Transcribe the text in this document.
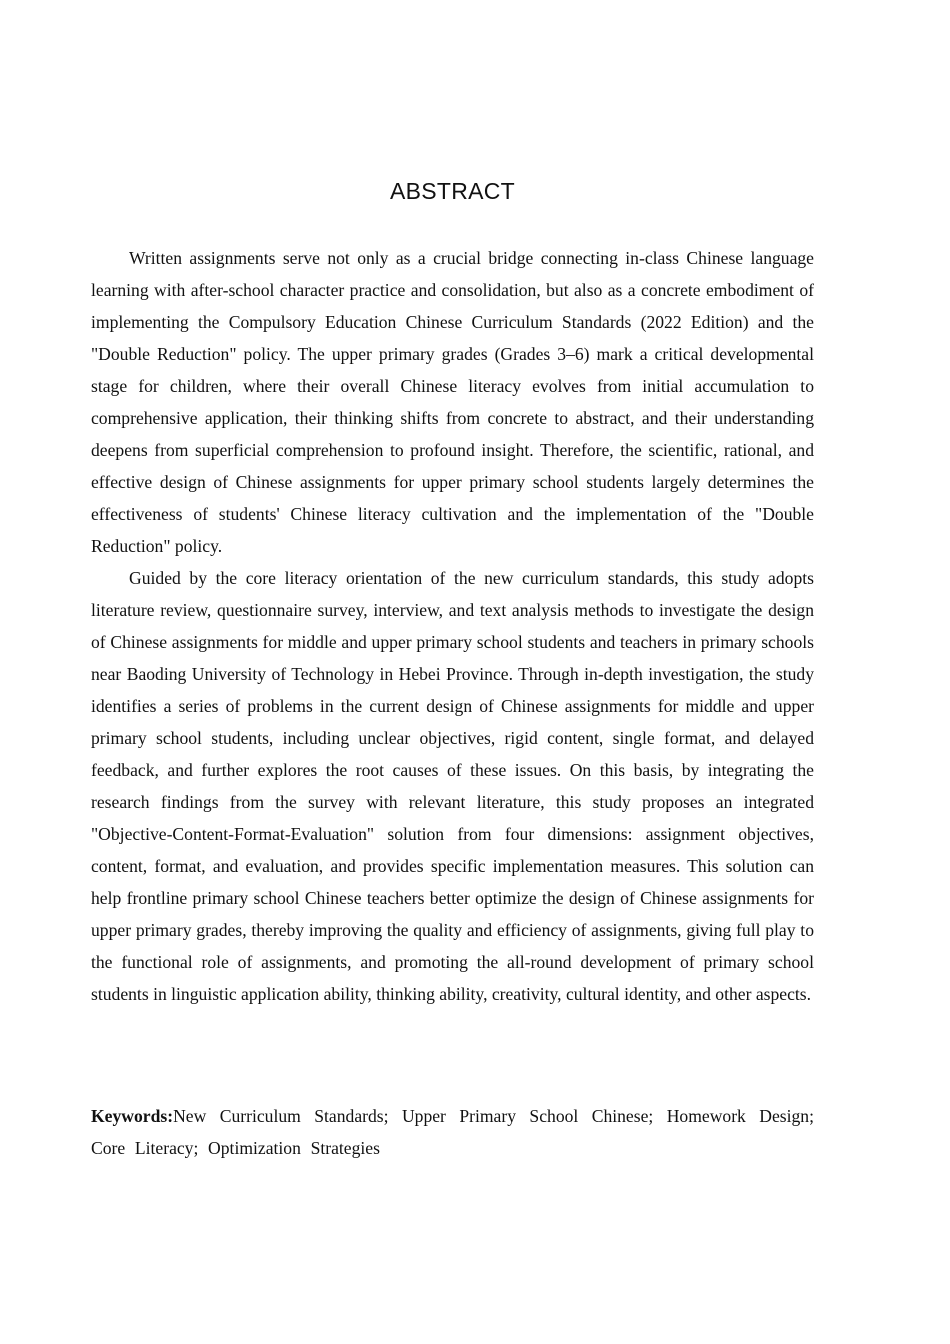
ABSTRACT

Written assignments serve not only as a crucial bridge connecting in-class Chinese language learning with after-school character practice and consolidation, but also as a concrete embodiment of implementing the Compulsory Education Chinese Curriculum Standards (2022 Edition) and the "Double Reduction" policy. The upper primary grades (Grades 3–6) mark a critical developmental stage for children, where their overall Chinese literacy evolves from initial accumulation to comprehensive application, their thinking shifts from concrete to abstract, and their understanding deepens from superficial comprehension to profound insight. Therefore, the scientific, rational, and effective design of Chinese assignments for upper primary school students largely determines the effectiveness of students' Chinese literacy cultivation and the implementation of the "Double Reduction" policy.

Guided by the core literacy orientation of the new curriculum standards, this study adopts literature review, questionnaire survey, interview, and text analysis methods to investigate the design of Chinese assignments for middle and upper primary school students and teachers in primary schools near Baoding University of Technology in Hebei Province. Through in-depth investigation, the study identifies a series of problems in the current design of Chinese assignments for middle and upper primary school students, including unclear objectives, rigid content, single format, and delayed feedback, and further explores the root causes of these issues. On this basis, by integrating the research findings from the survey with relevant literature, this study proposes an integrated "Objective-Content-Format-Evaluation" solution from four dimensions: assignment objectives, content, format, and evaluation, and provides specific implementation measures. This solution can help frontline primary school Chinese teachers better optimize the design of Chinese assignments for upper primary grades, thereby improving the quality and efficiency of assignments, giving full play to the functional role of assignments, and promoting the all-round development of primary school students in linguistic application ability, thinking ability, creativity, cultural identity, and other aspects.

Keywords:New Curriculum Standards; Upper Primary School Chinese; Homework Design; Core Literacy; Optimization Strategies
